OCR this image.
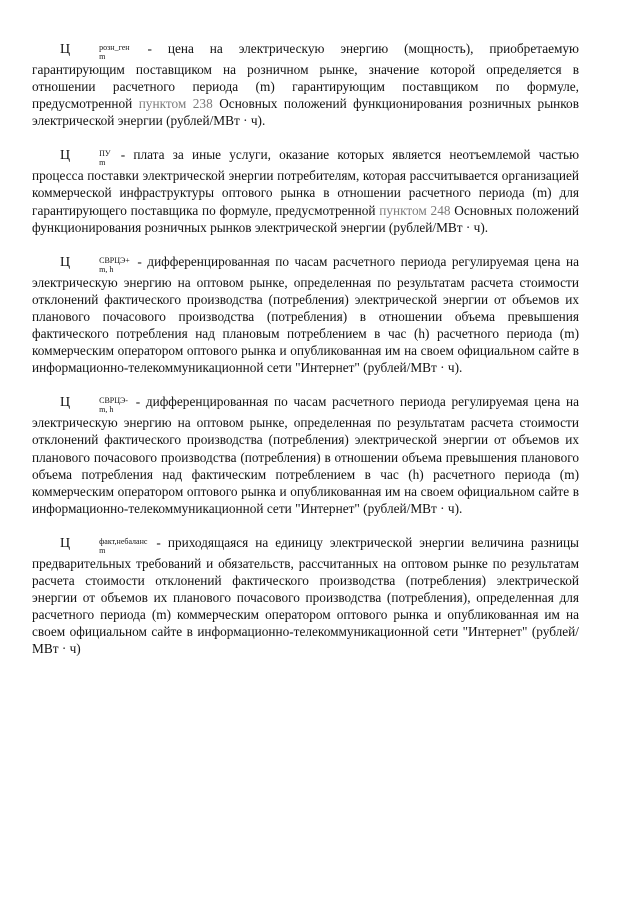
Ц	розн_ген
m
- цена на электрическую энергию (мощность), приобретаемую гарантирующим поставщиком на розничном рынке, значение которой определяется в отношении расчетного периода (m) гарантирующим поставщиком по формуле, предусмотренной пунктом 238 Основных положений функционирования розничных рынков электрической энергии (рублей/МВт · ч).

Ц	ПУ
m
- плата за иные услуги, оказание которых является неотъемлемой частью процесса поставки электрической энергии потребителям, которая рассчитывается организацией коммерческой инфраструктуры оптового рынка в отношении расчетного периода (m) для гарантирующего поставщика по формуле, предусмотренной пунктом 248 Основных положений функционирования розничных рынков электрической энергии (рублей/МВт · ч).

Ц	СВРЦЭ+
m, h
- дифференцированная по часам расчетного периода регулируемая цена на электрическую энергию на оптовом рынке, определенная по результатам расчета стоимости отклонений фактического производства (потребления) электрической энергии от объемов их планового почасового производства (потребления) в отношении объема превышения фактического потребления над плановым потреблением в час (h) расчетного периода (m) коммерческим оператором оптового рынка и опубликованная им на своем официальном сайте в информационно-телекоммуникационной сети "Интернет" (рублей/МВт · ч).

Ц	СВРЦЭ-
m, h
- дифференцированная по часам расчетного периода регулируемая цена на электрическую энергию на оптовом рынке, определенная по результатам расчета стоимости отклонений фактического производства (потребления) электрической энергии от объемов их планового почасового производства (потребления) в отношении объема превышения планового объема потребления над фактическим потреблением в час (h) расчетного периода (m) коммерческим оператором оптового рынка и опубликованная им на своем официальном сайте в информационно-телекоммуникационной сети "Интернет" (рублей/МВт · ч).

Ц	факт,небаланс
m
- приходящаяся на единицу электрической энергии величина разницы предварительных требований и обязательств, рассчитанных на оптовом рынке по результатам расчета стоимости отклонений фактического производства (потребления) электрической энергии от объемов их планового почасового производства (потребления), определенная для расчетного периода (m) коммерческим оператором оптового рынка и опубликованная им на своем официальном сайте в информационно-телекоммуникационной сети "Интернет" (рублей/МВт · ч)
